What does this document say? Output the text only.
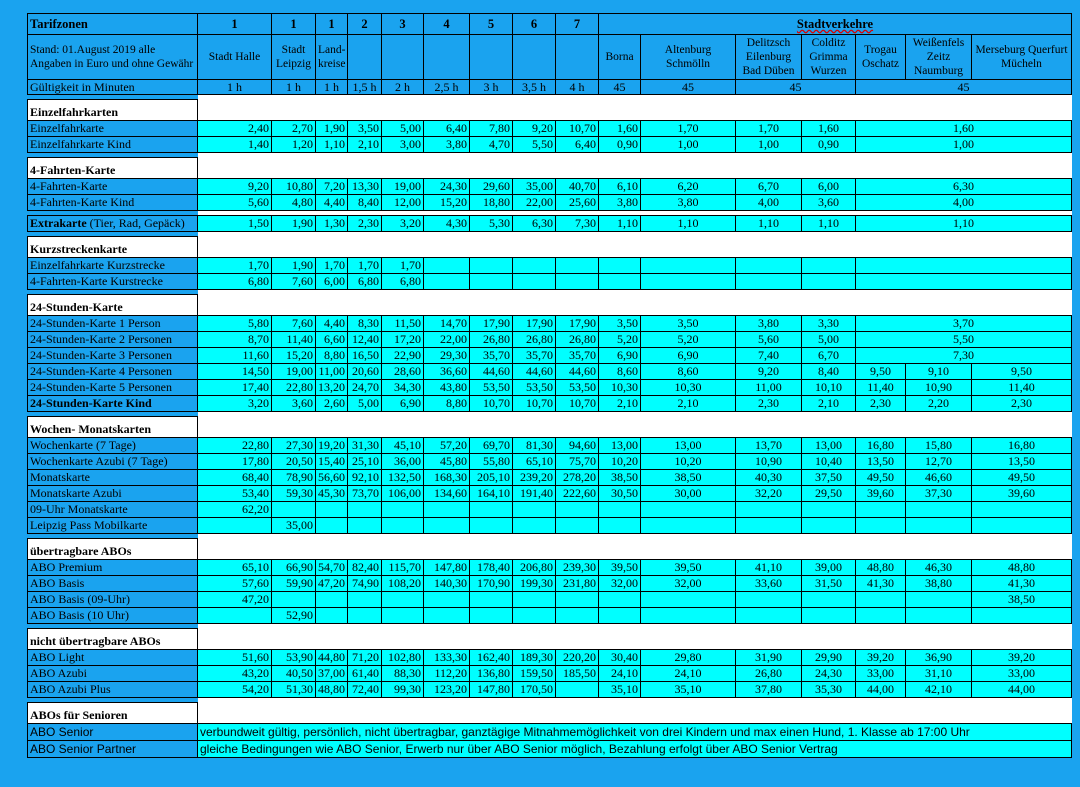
Tarifzonen	1	1	1	2	3	4	5	6	7	Stadtverkehre						
Stand: 01.August 2019 alle Angaben in Euro und ohne Gewähr	Stadt Halle	Stadt Leipzig	Land-kreise							Borna	Altenburg Schmölln	Delitzsch Eilenburg Bad Düben	Colditz Grimma Wurzen	Trogau Oschatz	Weißenfels Zeitz Naumburg	Merseburg Querfurt Mücheln
Gültigkeit in Minuten	1 h	1 h	1 h	1,5 h	2 h	2,5 h	3 h	3,5 h	4 h	45	45	45		45		

Einzelfahrkarten																
Einzelfahrkarte	2,40	2,70	1,90	3,50	5,00	6,40	7,80	9,20	10,70	1,60	1,70	1,70	1,60	1,60		
Einzelfahrkarte Kind	1,40	1,20	1,10	2,10	3,00	3,80	4,70	5,50	6,40	0,90	1,00	1,00	0,90	1,00		

4-Fahrten-Karte																
4-Fahrten-Karte	9,20	10,80	7,20	13,30	19,00	24,30	29,60	35,00	40,70	6,10	6,20	6,70	6,00	6,30		
4-Fahrten-Karte Kind	5,60	4,80	4,40	8,40	12,00	15,20	18,80	22,00	25,60	3,80	3,80	4,00	3,60	4,00		

Extrakarte (Tier, Rad, Gepäck)	1,50	1,90	1,30	2,30	3,20	4,30	5,30	6,30	7,30	1,10	1,10	1,10	1,10	1,10		

Kurzstreckenkarte																
Einzelfahrkarte Kurzstrecke	1,70	1,90	1,70	1,70	1,70											
4-Fahrten-Karte Kurstrecke	6,80	7,60	6,00	6,80	6,80											

24-Stunden-Karte																
24-Stunden-Karte 1 Person	5,80	7,60	4,40	8,30	11,50	14,70	17,90	17,90	17,90	3,50	3,50	3,80	3,30	3,70		
24-Stunden-Karte 2 Personen	8,70	11,40	6,60	12,40	17,20	22,00	26,80	26,80	26,80	5,20	5,20	5,60	5,00	5,50		
24-Stunden-Karte 3 Personen	11,60	15,20	8,80	16,50	22,90	29,30	35,70	35,70	35,70	6,90	6,90	7,40	6,70	7,30		
24-Stunden-Karte 4 Personen	14,50	19,00	11,00	20,60	28,60	36,60	44,60	44,60	44,60	8,60	8,60	9,20	8,40	9,50	9,10	9,50
24-Stunden-Karte 5 Personen	17,40	22,80	13,20	24,70	34,30	43,80	53,50	53,50	53,50	10,30	10,30	11,00	10,10	11,40	10,90	11,40
24-Stunden-Karte Kind	3,20	3,60	2,60	5,00	6,90	8,80	10,70	10,70	10,70	2,10	2,10	2,30	2,10	2,30	2,20	2,30

Wochen- Monatskarten																
Wochenkarte (7 Tage)	22,80	27,30	19,20	31,30	45,10	57,20	69,70	81,30	94,60	13,00	13,00	13,70	13,00	16,80	15,80	16,80
Wochenkarte Azubi (7 Tage)	17,80	20,50	15,40	25,10	36,00	45,80	55,80	65,10	75,70	10,20	10,20	10,90	10,40	13,50	12,70	13,50
Monatskarte	68,40	78,90	56,60	92,10	132,50	168,30	205,10	239,20	278,20	38,50	38,50	40,30	37,50	49,50	46,60	49,50
Monatskarte Azubi	53,40	59,30	45,30	73,70	106,00	134,60	164,10	191,40	222,60	30,50	30,00	32,20	29,50	39,60	37,30	39,60
09-Uhr Monatskarte	62,20															
Leipzig Pass Mobilkarte		35,00														

übertragbare ABOs																
ABO Premium	65,10	66,90	54,70	82,40	115,70	147,80	178,40	206,80	239,30	39,50	39,50	41,10	39,00	48,80	46,30	48,80
ABO Basis	57,60	59,90	47,20	74,90	108,20	140,30	170,90	199,30	231,80	32,00	32,00	33,60	31,50	41,30	38,80	41,30
ABO Basis (09-Uhr)	47,20															38,50
ABO Basis (10 Uhr)		52,90														

nicht übertragbare ABOs																
ABO Light	51,60	53,90	44,80	71,20	102,80	133,30	162,40	189,30	220,20	30,40	29,80	31,90	29,90	39,20	36,90	39,20
ABO Azubi	43,20	40,50	37,00	61,40	88,30	112,20	136,80	159,50	185,50	24,10	24,10	26,80	24,30	33,00	31,10	33,00
ABO Azubi Plus	54,20	51,30	48,80	72,40	99,30	123,20	147,80	170,50		35,10	35,10	37,80	35,30	44,00	42,10	44,00

ABOs für Senioren																
ABO Senior	verbundweit gültig, persönlich, nicht übertragbar, ganztägige Mitnahmemöglichkeit von drei Kindern und max einen Hund, 1. Klasse ab 17:00 Uhr															
ABO Senior Partner	gleiche Bedingungen wie ABO Senior, Erwerb nur über ABO Senior möglich, Bezahlung erfolgt über ABO Senior Vertrag															
